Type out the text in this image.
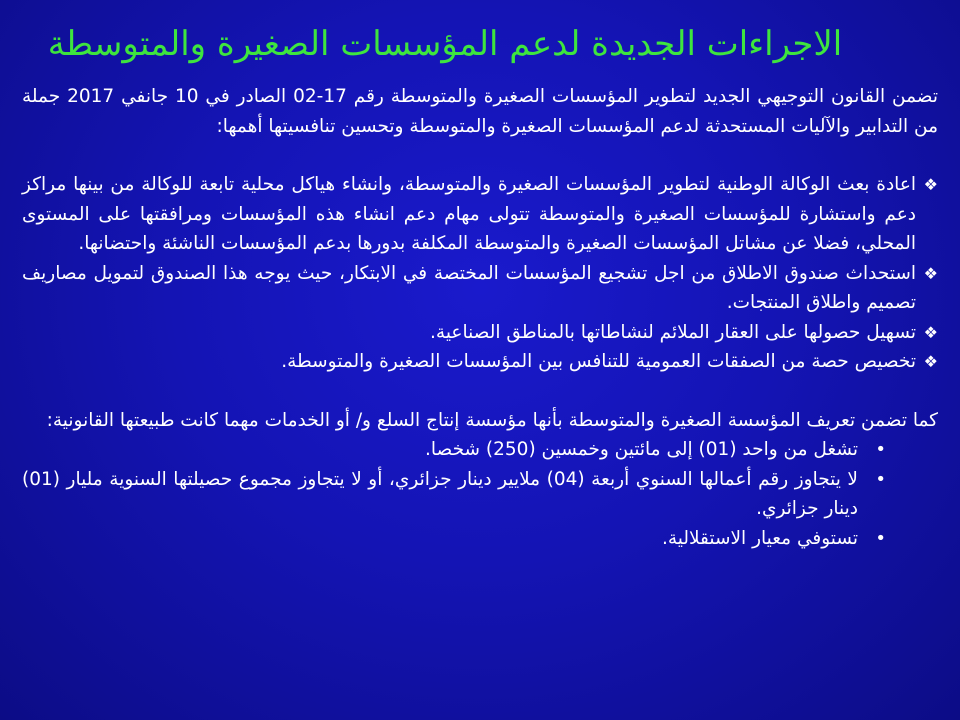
الاجراءات الجديدة لدعم المؤسسات الصغيرة والمتوسطة

تضمن القانون التوجيهي الجديد لتطوير المؤسسات الصغيرة والمتوسطة رقم 17-02 الصادر في 10 جانفي 2017 جملة من التدابير والآليات المستحدثة لدعم المؤسسات الصغيرة والمتوسطة وتحسين تنافسيتها أهمها:

❖
اعادة بعث الوكالة الوطنية لتطوير المؤسسات الصغيرة والمتوسطة، وانشاء هياكل محلية تابعة للوكالة من بينها مراكز دعم واستشارة للمؤسسات الصغيرة والمتوسطة تتولى مهام دعم انشاء هذه المؤسسات ومرافقتها على المستوى المحلي، فضلا عن مشاتل المؤسسات الصغيرة والمتوسطة المكلفة بدورها بدعم المؤسسات الناشئة واحتضانها.
❖
استحداث صندوق الاطلاق من اجل تشجيع المؤسسات المختصة في الابتكار، حيث يوجه هذا الصندوق لتمويل مصاريف تصميم واطلاق المنتجات.
❖
تسهيل حصولها على العقار الملائم لنشاطاتها بالمناطق الصناعية.
❖
تخصيص حصة من الصفقات العمومية للتنافس بين المؤسسات الصغيرة والمتوسطة.

كما تضمن تعريف المؤسسة الصغيرة والمتوسطة بأنها مؤسسة إنتاج السلع و/ أو الخدمات مهما كانت طبيعتها القانونية:

•
تشغل من واحد (01) إلى مائتين وخمسين (250) شخصا.
•
لا يتجاوز رقم أعمالها السنوي أربعة (04) ملايير دينار جزائري، أو لا يتجاوز مجموع حصيلتها السنوية مليار (01) دينار جزائري.
•
تستوفي معيار الاستقلالية.
